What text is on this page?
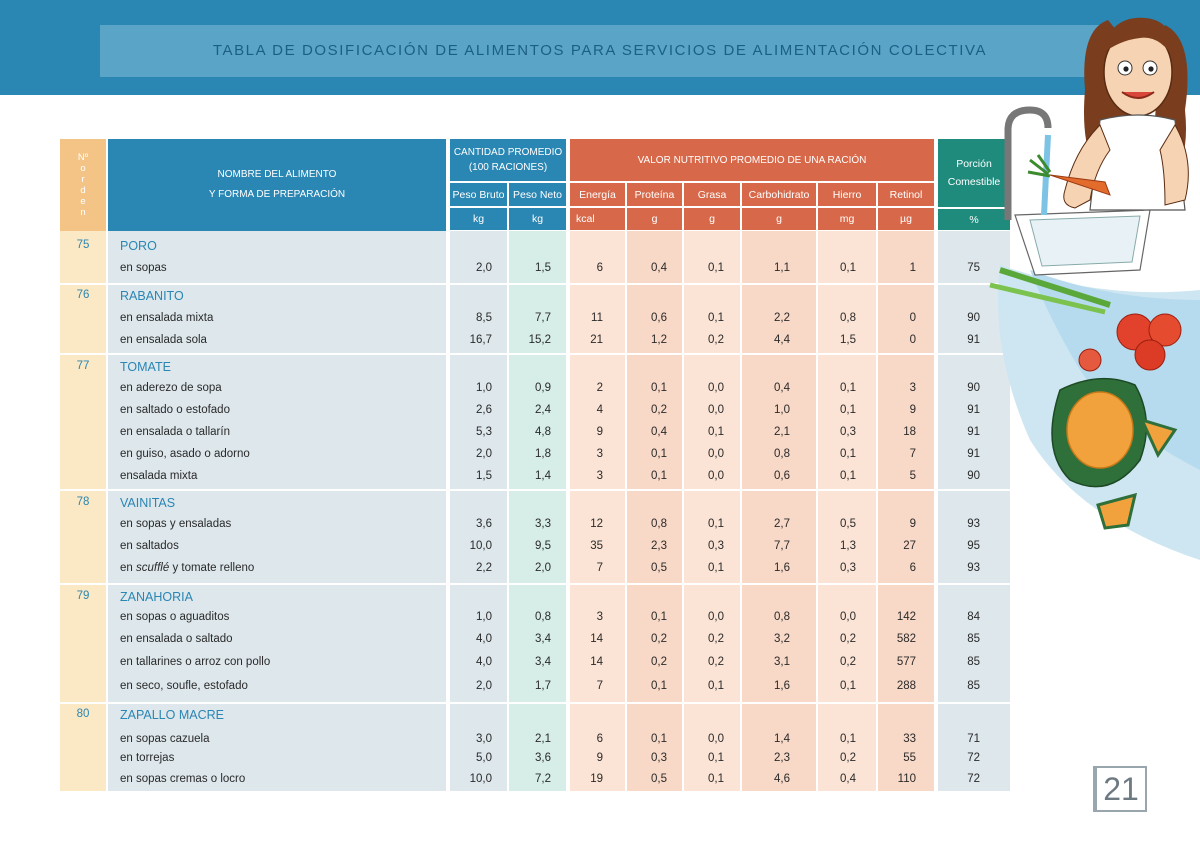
TABLA DE DOSIFICACIÓN DE ALIMENTOS PARA SERVICIOS DE ALIMENTACIÓN COLECTIVA
Nº
o
r
d
e
n
NOMBRE DEL ALIMENTO
Y FORMA DE PREPARACIÓN
CANTIDAD PROMEDIO
(100 RACIONES)
VALOR NUTRITIVO PROMEDIO DE UNA RACIÓN	Porción
Comestible
Peso Bruto Peso Neto	Energía	Proteína	Grasa	Carbohidrato	Hierro	Retinol
kg	kg	kcal	g	g	g	mg	µg	%
75	PORO
en sopas	2,0	1,5	6	0,4	0,1	1,1	0,1	1	75
76	RABANITO
en ensalada mixta	8,5	7,7	11	0,6	0,1	2,2	0,8	0	90
en ensalada sola	16,7	15,2	21	1,2	0,2	4,4	1,5	0	91
77	TOMATE
en aderezo de sopa	1,0	0,9	2	0,1	0,0	0,4	0,1	3	90
en saltado o estofado	2,6	2,4	4	0,2	0,0	1,0	0,1	9	91
en ensalada o tallarín	5,3	4,8	9	0,4	0,1	2,1	0,3	18	91
en guiso, asado o adorno	2,0	1,8	3	0,1	0,0	0,8	0,1	7	91
ensalada mixta	1,5	1,4	3	0,1	0,0	0,6	0,1	5	90
78	VAINITAS
en sopas y ensaladas	3,6	3,3	12	0,8	0,1	2,7	0,5	9	93
en saltados	10,0	9,5	35	2,3	0,3	7,7	1,3	27	95
en scufflé y tomate relleno	2,2	2,0	7	0,5	0,1	1,6	0,3	6	93
79	ZANAHORIA
en sopas o aguaditos	1,0	0,8	3	0,1	0,0	0,8	0,0	142	84
en ensalada o saltado	4,0	3,4	14	0,2	0,2	3,2	0,2	582	85
en tallarines o arroz con pollo	4,0	3,4	14	0,2	0,2	3,1	0,2	577	85
en seco, soufle, estofado	2,0	1,7	7	0,1	0,1	1,6	0,1	288	85
80	ZAPALLO MACRE
en sopas cazuela	3,0	2,1	6	0,1	0,0	1,4	0,1	33	71
en torrejas	5,0	3,6	9	0,3	0,1	2,3	0,2	55	72
en sopas cremas o locro	10,0	7,2	19	0,5	0,1	4,6	0,4	110	72	21
